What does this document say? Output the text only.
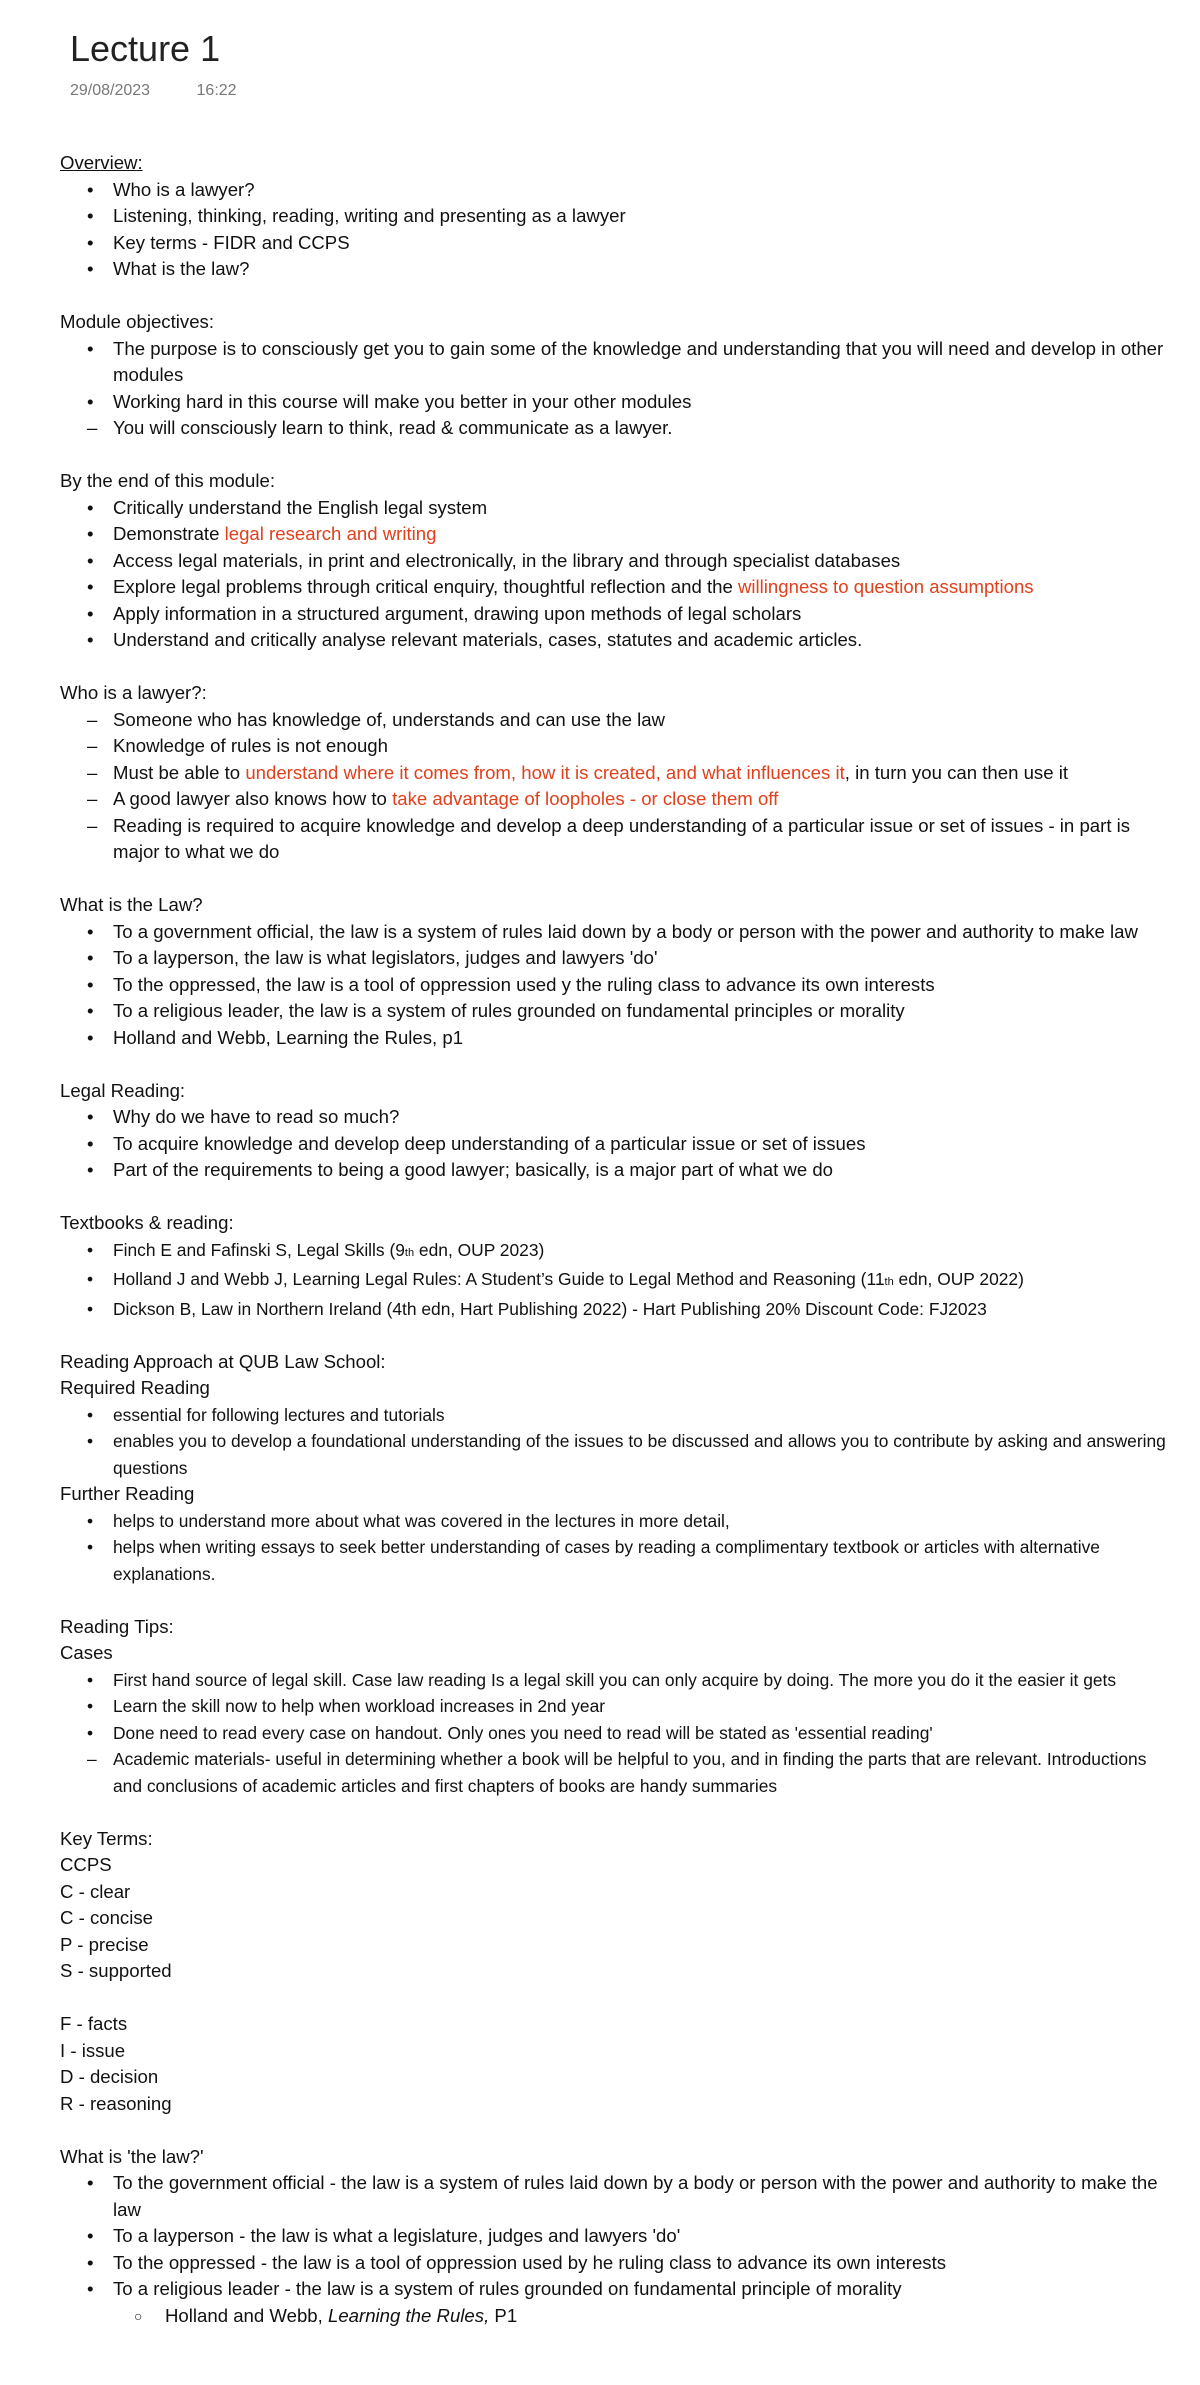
Lecture 1
29/08/2023	16:22

Overview:

• Who is a lawyer?
• Listening, thinking, reading, writing and presenting as a lawyer
• Key terms - FIDR and CCPS
• What is the law?

Module objectives:

• The purpose is to consciously get you to gain some of the knowledge and understanding that you will need and develop in other modules
• Working hard in this course will make you better in your other modules
– You will consciously learn to think, read & communicate as a lawyer.

By the end of this module:

• Critically understand the English legal system
• Demonstrate legal research and writing
• Access legal materials, in print and electronically, in the library and through specialist databases
• Explore legal problems through critical enquiry, thoughtful reflection and the willingness to question assumptions
• Apply information in a structured argument, drawing upon methods of legal scholars
• Understand and critically analyse relevant materials, cases, statutes and academic articles.

Who is a lawyer?:

– Someone who has knowledge of, understands and can use the law
– Knowledge of rules is not enough
– Must be able to understand where it comes from, how it is created, and what influences it, in turn you can then use it
– A good lawyer also knows how to take advantage of loopholes - or close them off
– Reading is required to acquire knowledge and develop a deep understanding of a particular issue or set of issues - in part is major to what we do

What is the Law?

• To a government official, the law is a system of rules laid down by a body or person with the power and authority to make law
• To a layperson, the law is what legislators, judges and lawyers 'do'
• To the oppressed, the law is a tool of oppression used y the ruling class to advance its own interests
• To a religious leader, the law is a system of rules grounded on fundamental principles or morality
• Holland and Webb, Learning the Rules, p1

Legal Reading:

• Why do we have to read so much?
• To acquire knowledge and develop deep understanding of a particular issue or set of issues
• Part of the requirements to being a good lawyer; basically, is a major part of what we do

Textbooks & reading:

• Finch E and Fafinski S, Legal Skills (9th edn, OUP 2023)
• Holland J and Webb J, Learning Legal Rules: A Student’s Guide to Legal Method and Reasoning (11th edn, OUP 2022)
• Dickson B, Law in Northern Ireland (4th edn, Hart Publishing 2022) - Hart Publishing 20% Discount Code: FJ2023

Reading Approach at QUB Law School:

Required Reading

• essential for following lectures and tutorials
• enables you to develop a foundational understanding of the issues to be discussed and allows you to contribute by asking and answering questions

Further Reading

• helps to understand more about what was covered in the lectures in more detail,
• helps when writing essays to seek better understanding of cases by reading a complimentary textbook or articles with alternative explanations.

Reading Tips:

Cases

• First hand source of legal skill. Case law reading Is a legal skill you can only acquire by doing. The more you do it the easier it gets
• Learn the skill now to help when workload increases in 2nd year
• Done need to read every case on handout. Only ones you need to read will be stated as 'essential reading'
– Academic materials- useful in determining whether a book will be helpful to you, and in finding the parts that are relevant. Introductions and conclusions of academic articles and first chapters of books are handy summaries

Key Terms:

CCPS

C - clear

C - concise

P - precise

S - supported

F - facts

I - issue

D - decision

R - reasoning

What is 'the law?'

• To the government official - the law is a system of rules laid down by a body or person with the power and authority to make the law
• To a layperson - the law is what a legislature, judges and lawyers 'do'
• To the oppressed - the law is a tool of oppression used by he ruling class to advance its own interests
• To a religious leader - the law is a system of rules grounded on fundamental principle of morality
○ Holland and Webb, Learning the Rules, P1
